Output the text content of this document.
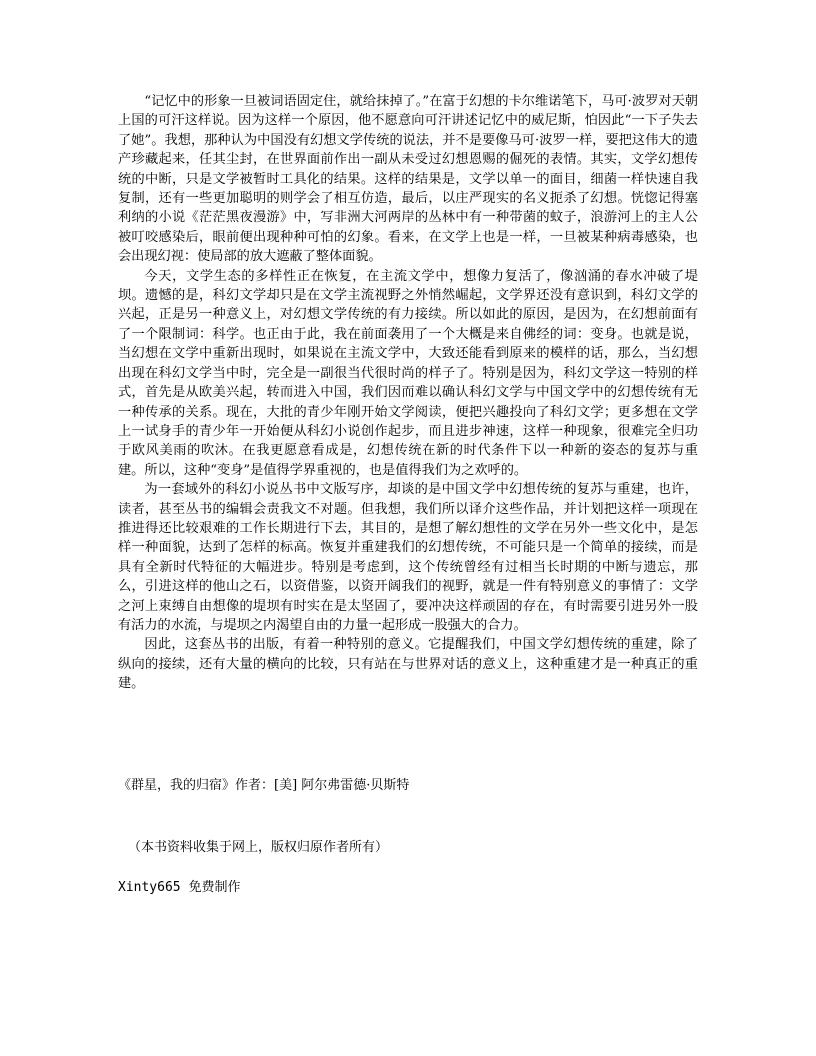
“记忆中的形象一旦被词语固定住，就给抹掉了。”在富于幻想的卡尔维诺笔下，马可·波罗对天朝上国的可汗这样说。因为这样一个原因，他不愿意向可汗讲述记忆中的威尼斯，怕因此“一下子失去了她”。我想，那种认为中国没有幻想文学传统的说法，并不是要像马可·波罗一样，要把这伟大的遗产珍藏起来，任其尘封，在世界面前作出一副从未受过幻想恩赐的倔死的表情。其实，文学幻想传统的中断，只是文学被暂时工具化的结果。这样的结果是，文学以单一的面目，细菌一样快速自我复制，还有一些更加聪明的则学会了相互仿造，最后，以庄严现实的名义扼杀了幻想。恍惚记得塞利纳的小说《茫茫黑夜漫游》中，写非洲大河两岸的丛林中有一种带菌的蚊子，浪游河上的主人公被叮咬感染后，眼前便出现种种可怕的幻象。看来，在文学上也是一样，一旦被某种病毒感染，也会出现幻视：使局部的放大遮蔽了整体面貌。

今天，文学生态的多样性正在恢复，在主流文学中，想像力复活了，像汹涌的春水冲破了堤坝。遗憾的是，科幻文学却只是在文学主流视野之外悄然崛起，文学界还没有意识到，科幻文学的兴起，正是另一种意义上，对幻想文学传统的有力接续。所以如此的原因，是因为，在幻想前面有了一个限制词：科学。也正由于此，我在前面袭用了一个大概是来自佛经的词：变身。也就是说，当幻想在文学中重新出现时，如果说在主流文学中，大致还能看到原来的模样的话，那么，当幻想出现在科幻文学当中时，完全是一副很当代很时尚的样子了。特别是因为，科幻文学这一特别的样式，首先是从欧美兴起，转而进入中国，我们因而难以确认科幻文学与中国文学中的幻想传统有无一种传承的关系。现在，大批的青少年刚开始文学阅读，便把兴趣投向了科幻文学；更多想在文学上一试身手的青少年一开始便从科幻小说创作起步，而且进步神速，这样一种现象，很难完全归功于欧风美雨的吹沐。在我更愿意看成是，幻想传统在新的时代条件下以一种新的姿态的复苏与重建。所以，这种“变身”是值得学界重视的，也是值得我们为之欢呼的。

为一套域外的科幻小说丛书中文版写序，却谈的是中国文学中幻想传统的复苏与重建，也许，读者，甚至丛书的编辑会责我文不对题。但我想，我们所以译介这些作品，并计划把这样一项现在推进得还比较艰难的工作长期进行下去，其目的，是想了解幻想性的文学在另外一些文化中，是怎样一种面貌，达到了怎样的标高。恢复并重建我们的幻想传统，不可能只是一个简单的接续，而是具有全新时代特征的大幅进步。特别是考虑到，这个传统曾经有过相当长时期的中断与遗忘，那么，引进这样的他山之石，以资借鉴，以资开阔我们的视野，就是一件有特别意义的事情了：文学之河上束缚自由想像的堤坝有时实在是太坚固了，要冲决这样顽固的存在，有时需要引进另外一股有活力的水流，与堤坝之内渴望自由的力量一起形成一股强大的合力。

因此，这套丛书的出版，有着一种特别的意义。它提醒我们，中国文学幻想传统的重建，除了纵向的接续，还有大量的横向的比较，只有站在与世界对话的意义上，这种重建才是一种真正的重建。

《群星，我的归宿》作者：[美] 阿尔弗雷德·贝斯特
（本书资料收集于网上，版权归原作者所有）
Xinty665 免费制作
